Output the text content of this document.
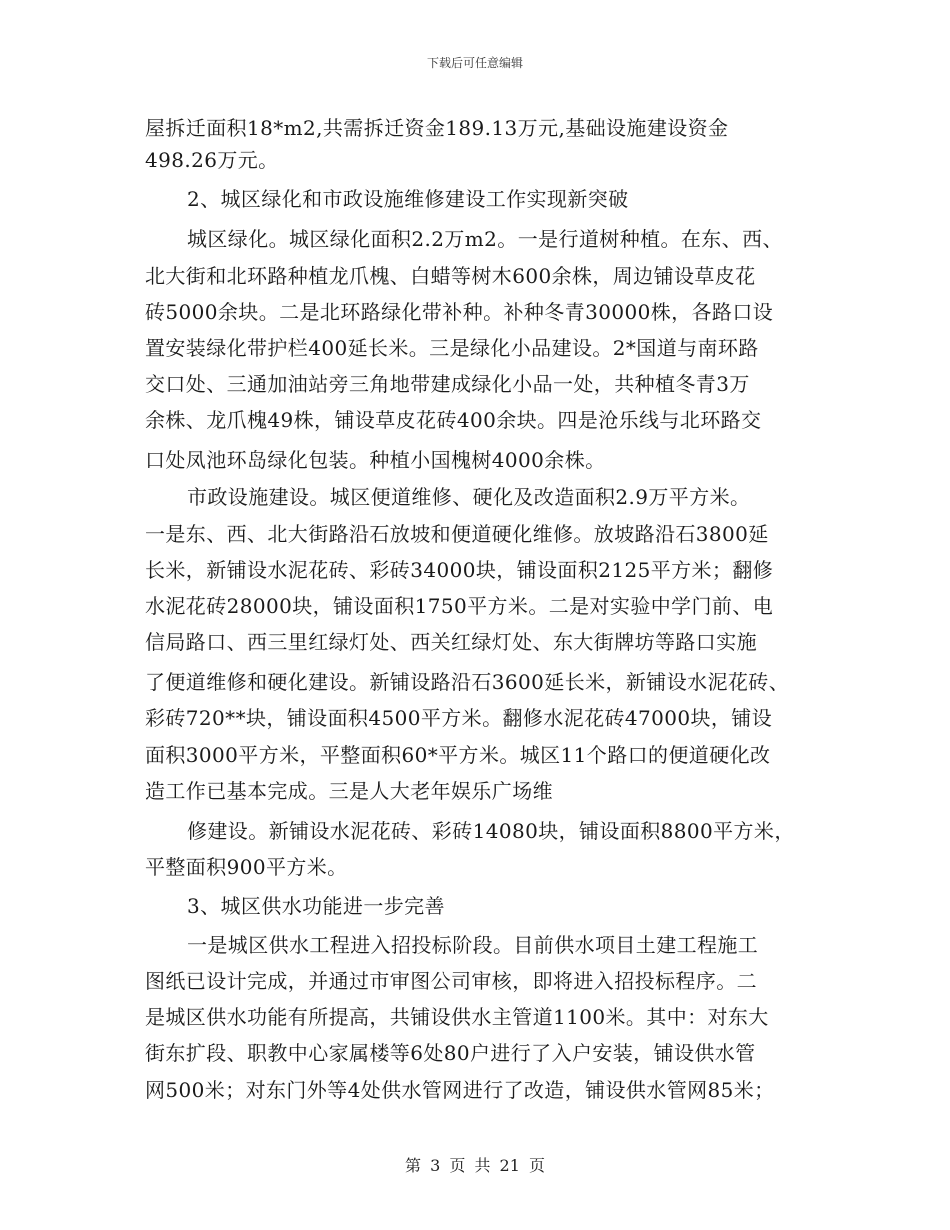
下载后可任意编辑
屋拆迁面积18*m2,共需拆迁资金189.13万元,基础设施建设资金
498.26万元。
2、城区绿化和市政设施维修建设工作实现新突破
城区绿化。城区绿化面积2.2万m2。一是行道树种植。在东、西、
北大街和北环路种植龙爪槐、白蜡等树木600余株，周边铺设草皮花
砖5000余块。二是北环路绿化带补种。补种冬青30000株，各路口设
置安装绿化带护栏400延长米。三是绿化小品建设。2*国道与南环路
交口处、三通加油站旁三角地带建成绿化小品一处，共种植冬青3万
余株、龙爪槐49株，铺设草皮花砖400余块。四是沧乐线与北环路交
口处凤池环岛绿化包装。种植小国槐树4000余株。
市政设施建设。城区便道维修、硬化及改造面积2.9万平方米。
一是东、西、北大街路沿石放坡和便道硬化维修。放坡路沿石3800延
长米，新铺设水泥花砖、彩砖34000块，铺设面积2125平方米；翻修
水泥花砖28000块，铺设面积1750平方米。二是对实验中学门前、电
信局路口、西三里红绿灯处、西关红绿灯处、东大街牌坊等路口实施
了便道维修和硬化建设。新铺设路沿石3600延长米，新铺设水泥花砖、
彩砖720**块，铺设面积4500平方米。翻修水泥花砖47000块，铺设
面积3000平方米，平整面积60*平方米。城区11个路口的便道硬化改
造工作已基本完成。三是人大老年娱乐广场维
修建设。新铺设水泥花砖、彩砖14080块，铺设面积8800平方米，
平整面积900平方米。
3、城区供水功能进一步完善
一是城区供水工程进入招投标阶段。目前供水项目土建工程施工
图纸已设计完成，并通过市审图公司审核，即将进入招投标程序。二
是城区供水功能有所提高，共铺设供水主管道1100米。其中：对东大
街东扩段、职教中心家属楼等6处80户进行了入户安装，铺设供水管
网500米；对东门外等4处供水管网进行了改造，铺设供水管网85米；
第 3 页 共 21 页
